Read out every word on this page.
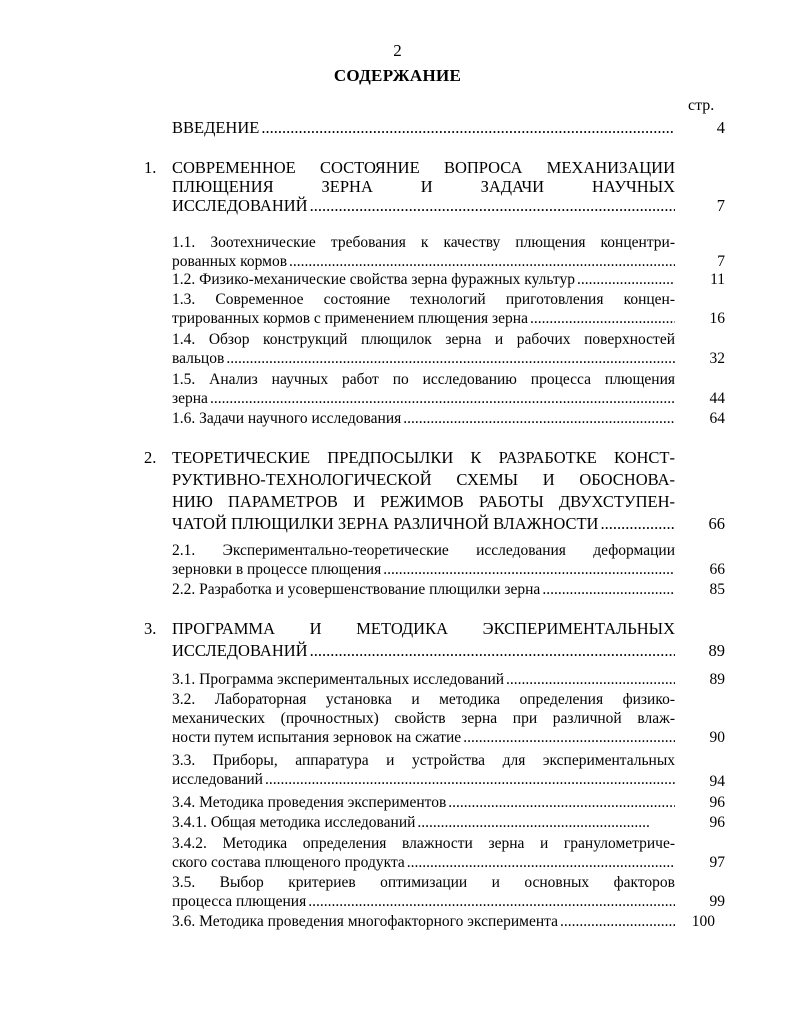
2
СОДЕРЖАНИЕ
стр.
ВВЕДЕНИЕ .....	4
1. СОВРЕМЕННОЕ СОСТОЯНИЕ ВОПРОСА МЕХАНИЗАЦИИ
ПЛЮЩЕНИЯ ЗЕРНА И ЗАДАЧИ НАУЧНЫХ
ИССЛЕДОВАНИЙ .....	7
1.1. Зоотехнические требования к качеству плющения концентри-
рованных кормов .....	7
1.2. Физико-механические свойства зерна фуражных культур .....	11
1.3. Современное состояние технологий приготовления концен-
трированных кормов с применением плющения зерна .....	16
1.4. Обзор конструкций плющилок зерна и рабочих поверхностей
вальцов .....	32
1.5. Анализ научных работ по исследованию процесса плющения
зерна .....	44
1.6. Задачи научного исследования .....	64
2. ТЕОРЕТИЧЕСКИЕ ПРЕДПОСЫЛКИ К РАЗРАБОТКЕ КОНСТ-
РУКТИВНО-ТЕХНОЛОГИЧЕСКОЙ СХЕМЫ И ОБОСНОВА-
НИЮ ПАРАМЕТРОВ И РЕЖИМОВ РАБОТЫ ДВУХСТУПЕН-
ЧАТОЙ ПЛЮЩИЛКИ ЗЕРНА РАЗЛИЧНОЙ ВЛАЖНОСТИ .....	66
2.1. Экспериментально-теоретические исследования деформации
зерновки в процессе плющения .....	66
2.2. Разработка и усовершенствование плющилки зерна .....	85
3. ПРОГРАММА И МЕТОДИКА ЭКСПЕРИМЕНТАЛЬНЫХ
ИССЛЕДОВАНИЙ .....	89
3.1. Программа экспериментальных исследований .....	89
3.2. Лабораторная установка и методика определения физико-
механических (прочностных) свойств зерна при различной влаж-
ности путем испытания зерновок на сжатие .....	90
3.3. Приборы, аппаратура и устройства для экспериментальных
исследований .....	94
3.4. Методика проведения экспериментов .....	96
3.4.1. Общая методика исследований .....	96
3.4.2. Методика определения влажности зерна и гранулометриче-
ского состава плющеного продукта .....	97
3.5. Выбор критериев оптимизации и основных факторов
процесса плющения .....	99
3.6. Методика проведения многофакторного эксперимента .....	100
